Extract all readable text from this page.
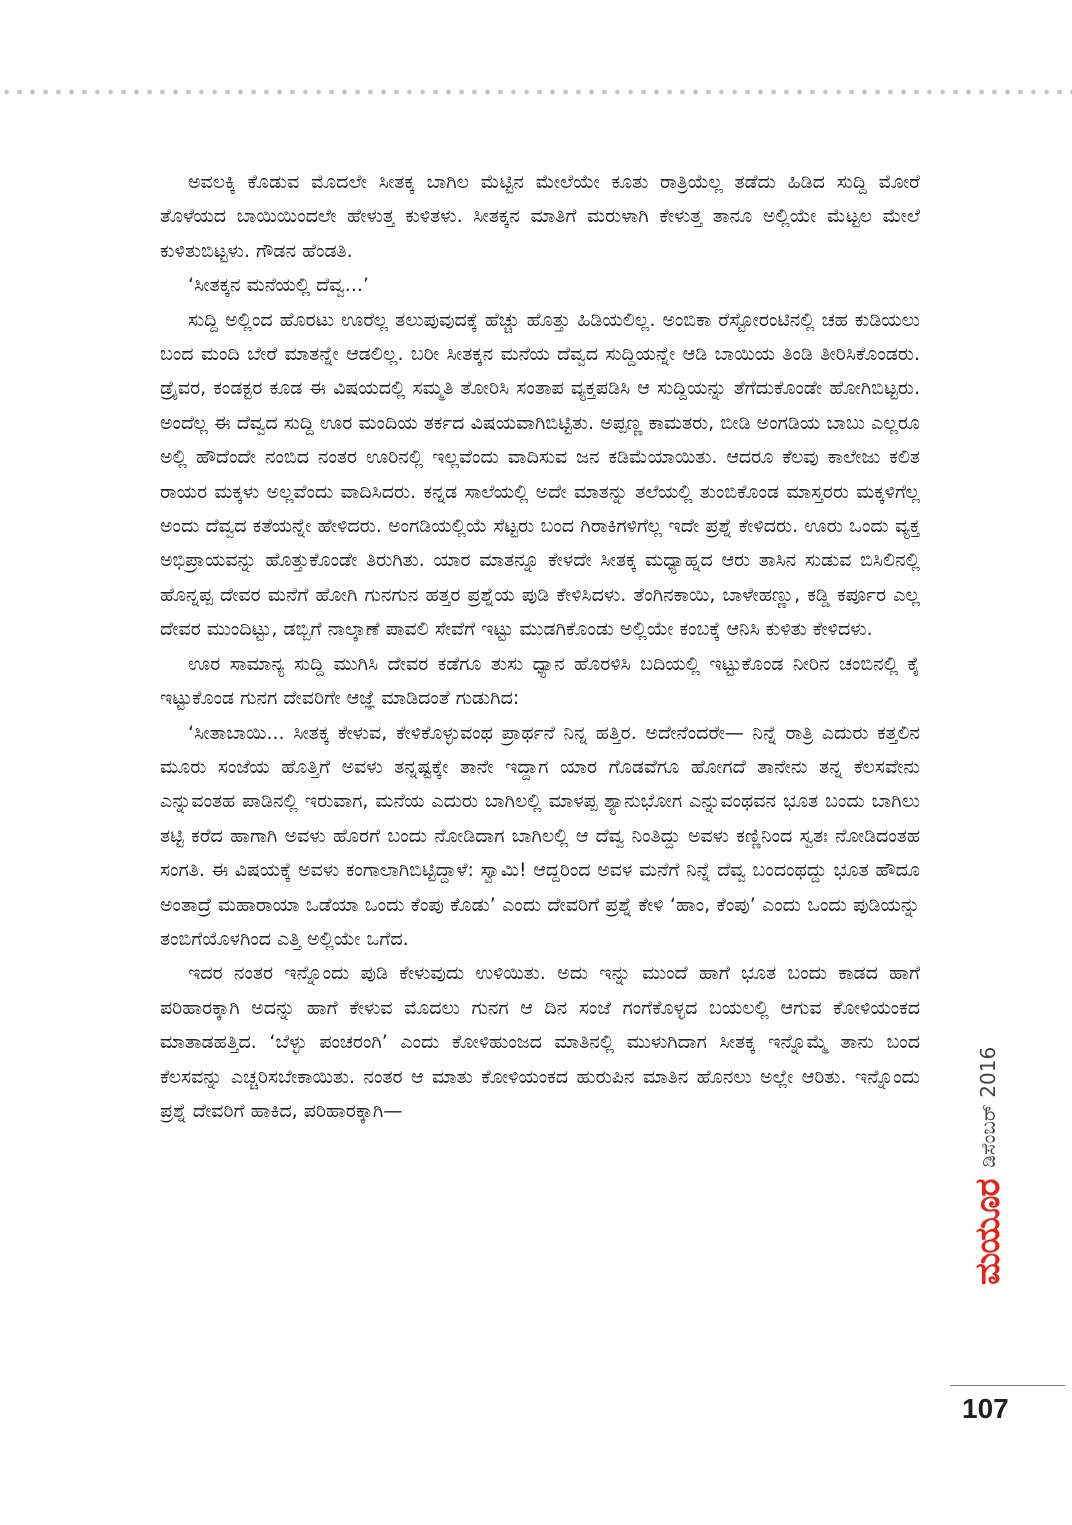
ಅವಲಕ್ಕಿ ಕೊಡುವ ಮೊದಲೇ ಸೀತಕ್ಕ ಬಾಗಿಲ ಮೆಟ್ಟಿನ ಮೇಲೆಯೇ ಕೂತು ರಾತ್ರಿಯೆಲ್ಲ ತಡೆದು ಹಿಡಿದ ಸುದ್ದಿ ಮೋರೆ ತೊಳೆಯದ ಬಾಯಿಯಿಂದಲೇ ಹೇಳುತ್ತ ಕುಳಿತಳು. ಸೀತಕ್ಕನ ಮಾತಿಗೆ ಮರುಳಾಗಿ ಕೇಳುತ್ತ ತಾನೂ ಅಲ್ಲಿಯೇ ಮೆಟ್ಟಲ ಮೇಲೆ ಕುಳಿತುಬಿಟ್ಟಳು. ಗೌಡನ ಹೆಂಡತಿ.

‘ಸೀತಕ್ಕನ ಮನೆಯಲ್ಲಿ ದೆವ್ವ...’

ಸುದ್ದಿ ಅಲ್ಲಿಂದ ಹೊರಟು ಊರೆಲ್ಲ ತಲುಪುವುದಕ್ಕೆ ಹೆಚ್ಚು ಹೊತ್ತು ಹಿಡಿಯಲಿಲ್ಲ. ಅಂಬಿಕಾ ರೆಸ್ಟೋರಂಟಿನಲ್ಲಿ ಚಹ ಕುಡಿಯಲು ಬಂದ ಮಂದಿ ಬೇರೆ ಮಾತನ್ನೇ ಆಡಲಿಲ್ಲ. ಬರೀ ಸೀತಕ್ಕನ ಮನೆಯ ದೆವ್ವದ ಸುದ್ದಿಯನ್ನೇ ಆಡಿ ಬಾಯಿಯ ತಿಂಡಿ ತೀರಿಸಿಕೊಂಡರು. ಡ್ರೈವರ, ಕಂಡಕ್ಟರ ಕೂಡ ಈ ವಿಷಯದಲ್ಲಿ ಸಮ್ಮತಿ ತೋರಿಸಿ ಸಂತಾಪ ವ್ಯಕ್ತಪಡಿಸಿ ಆ ಸುದ್ದಿಯನ್ನು ತೆಗೆದುಕೊಂಡೇ ಹೋಗಿಬಿಟ್ಟರು. ಅಂದೆಲ್ಲ ಈ ದೆವ್ವದ ಸುದ್ದಿ ಊರ ಮಂದಿಯ ತರ್ಕದ ವಿಷಯವಾಗಿಬಿಟ್ಟಿತು. ಅಪ್ಪಣ್ಣ ಕಾಮತರು, ಬೀಡಿ ಅಂಗಡಿಯ ಬಾಬು ಎಲ್ಲರೂ ಅಲ್ಲಿ ಹೌದೆಂದೇ ನಂಬಿದ ನಂತರ ಊರಿನಲ್ಲಿ ಇಲ್ಲವೆಂದು ವಾದಿಸುವ ಜನ ಕಡಿಮೆಯಾಯಿತು. ಆದರೂ ಕೆಲವು ಕಾಲೇಜು ಕಲಿತ ರಾಯರ ಮಕ್ಕಳು ಅಲ್ಲವೆಂದು ವಾದಿಸಿದರು. ಕನ್ನಡ ಸಾಲೆಯಲ್ಲಿ ಅದೇ ಮಾತನ್ನು ತಲೆಯಲ್ಲಿ ತುಂಬಿಕೊಂಡ ಮಾಸ್ತರರು ಮಕ್ಕಳಿಗೆಲ್ಲ ಅಂದು ದೆವ್ವದ ಕತೆಯನ್ನೇ ಹೇಳಿದರು. ಅಂಗಡಿಯಲ್ಲಿಯೆ ಸೆಟ್ಟರು ಬಂದ ಗಿರಾಕಿಗಳಿಗೆಲ್ಲ ಇದೇ ಪ್ರಶ್ನೆ ಕೇಳಿದರು. ಊರು ಒಂದು ವ್ಯಕ್ತ ಅಭಿಪ್ರಾಯವನ್ನು ಹೊತ್ತುಕೊಂಡೇ ತಿರುಗಿತು. ಯಾರ ಮಾತನ್ನೂ ಕೇಳದೇ ಸೀತಕ್ಕ ಮಧ್ಯಾಹ್ನದ ಆರು ತಾಸಿನ ಸುಡುವ ಬಿಸಿಲಿನಲ್ಲಿ ಹೊನ್ನಪ್ಪ ದೇವರ ಮನೆಗೆ ಹೋಗಿ ಗುನಗುನ ಹತ್ತರ ಪ್ರಶ್ನೆಯ ಪುಡಿ ಕೇಳಿಸಿದಳು. ತೆಂಗಿನಕಾಯಿ, ಬಾಳೇಹಣ್ಣು, ಕಡ್ಡಿ ಕರ್ಪೂರ ಎಲ್ಲ ದೇವರ ಮುಂದಿಟ್ಟು, ಡಬ್ಬಿಗೆ ನಾಲ್ಕಾಣೆ ಪಾವಲಿ ಸೇವೆಗೆ ಇಟ್ಟು ಮುಡಗಿಕೊಂಡು ಅಲ್ಲಿಯೇ ಕಂಬಕ್ಕೆ ಆನಿಸಿ ಕುಳಿತು ಕೇಳಿದಳು.

ಊರ ಸಾಮಾನ್ಯ ಸುದ್ದಿ ಮುಗಿಸಿ ದೇವರ ಕಡೆಗೂ ತುಸು ಧ್ಯಾನ ಹೊರಳಿಸಿ ಬದಿಯಲ್ಲಿ ಇಟ್ಟುಕೊಂಡ ನೀರಿನ ಚಂಬಿನಲ್ಲಿ ಕೈ ಇಟ್ಟುಕೊಂಡ ಗುನಗ ದೇವರಿಗೇ ಆಜ್ಞೆ ಮಾಡಿದಂತೆ ಗುಡುಗಿದ:

‘ಸೀತಾಬಾಯಿ... ಸೀತಕ್ಕ ಕೇಳುವ, ಕೇಳಿಕೊಳ್ಳುವಂಥ ಪ್ರಾರ್ಥನೆ ನಿನ್ನ ಹತ್ತಿರ. ಅದೇನೆಂದರೇ— ನಿನ್ನೆ ರಾತ್ರಿ ಎದುರು ಕತ್ತಲಿನ ಮೂರು ಸಂಜೆಯ ಹೊತ್ತಿಗೆ ಅವಳು ತನ್ನಷ್ಟಕ್ಕೇ ತಾನೇ ಇದ್ದಾಗ ಯಾರ ಗೊಡವೆಗೂ ಹೋಗದೆ ತಾನೇನು ತನ್ನ ಕೆಲಸವೇನು ಎನ್ನುವಂತಹ ಪಾಡಿನಲ್ಲಿ ಇರುವಾಗ, ಮನೆಯ ಎದುರು ಬಾಗಿಲಲ್ಲಿ ಮಾಳಪ್ಪ ಶ್ಯಾನುಭೋಗ ಎನ್ನುವಂಥವನ ಭೂತ ಬಂದು ಬಾಗಿಲು ತಟ್ಟಿ ಕರೆದ ಹಾಗಾಗಿ ಅವಳು ಹೊರಗೆ ಬಂದು ನೋಡಿದಾಗ ಬಾಗಿಲಲ್ಲಿ ಆ ದೆವ್ವ ನಿಂತಿದ್ದು ಅವಳು ಕಣ್ಣಿನಿಂದ ಸ್ವತಃ ನೋಡಿದಂತಹ ಸಂಗತಿ. ಈ ವಿಷಯಕ್ಕೆ ಅವಳು ಕಂಗಾಲಾಗಿಬಿಟ್ಟಿದ್ದಾಳೆ: ಸ್ವಾಮಿ! ಆದ್ದರಿಂದ ಅವಳ ಮನೆಗೆ ನಿನ್ನೆ ದೆವ್ವ ಬಂದಂಥದ್ದು ಭೂತ ಹೌದೂ ಅಂತಾದ್ರೆ ಮಹಾರಾಯಾ ಒಡೆಯಾ ಒಂದು ಕೆಂಪು ಕೊಡು’ ಎಂದು ದೇವರಿಗೆ ಪ್ರಶ್ನೆ ಕೇಳಿ ‘ಹಾಂ, ಕೆಂಪು’ ಎಂದು ಒಂದು ಪುಡಿಯನ್ನು ತಂಬಿಗೆಯೊಳಗಿಂದ ಎತ್ತಿ ಅಲ್ಲಿಯೇ ಒಗೆದ.

ಇದರ ನಂತರ ಇನ್ನೊಂದು ಪುಡಿ ಕೇಳುವುದು ಉಳಿಯಿತು. ಅದು ಇನ್ನು ಮುಂದೆ ಹಾಗೆ ಭೂತ ಬಂದು ಕಾಡದ ಹಾಗೆ ಪರಿಹಾರಕ್ಕಾಗಿ ಅದನ್ನು ಹಾಗೆ ಕೇಳುವ ಮೊದಲು ಗುನಗ ಆ ದಿನ ಸಂಜೆ ಗಂಗೆಕೊಳ್ಳದ ಬಯಲಲ್ಲಿ ಆಗುವ ಕೋಳಿಯಂಕದ ಮಾತಾಡಹತ್ತಿದ. ‘ಬೆಳ್ಳು ಪಂಚರಂಗಿ’ ಎಂದು ಕೋಳಿಹುಂಜದ ಮಾತಿನಲ್ಲಿ ಮುಳುಗಿದಾಗ ಸೀತಕ್ಕ ಇನ್ನೊಮ್ಮೆ ತಾನು ಬಂದ ಕೆಲಸವನ್ನು ಎಚ್ಚರಿಸಬೇಕಾಯಿತು. ನಂತರ ಆ ಮಾತು ಕೋಳಿಯಂಕದ ಹುರುಪಿನ ಮಾತಿನ ಹೊನಲು ಅಲ್ಲೇ ಆರಿತು. ಇನ್ನೊಂದು ಪ್ರಶ್ನೆ ದೇವರಿಗೆ ಹಾಕಿದ, ಪರಿಹಾರಕ್ಕಾಗಿ—

ಮಯೂರ
ಡಿಸೆಂಬರ್ 2016
107
